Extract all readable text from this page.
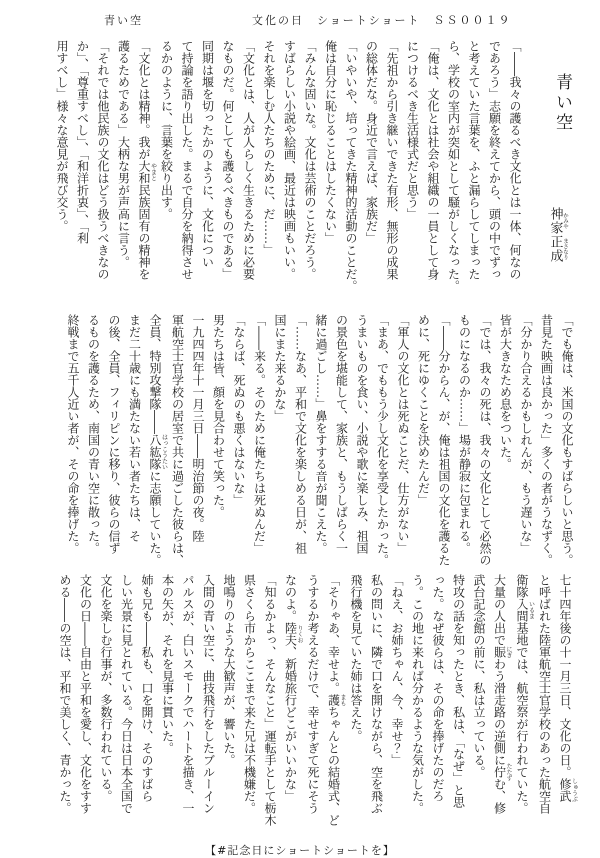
青い空	文化の日　ショートショート　ＳＳ００１９
青い空
神家 かみや正成 まさなり
「――我々の護るべき文化とは一体、何なの
であろう」志願を終えてから、頭の中でずっ
と考えていた言葉を、ふと漏らしてしまった
ら、学校の室内が突如として騒がしくなった。
「俺は、文化とは社会や組織の一員として身
につけるべき生活様式だと思う」
「先祖から引き継いできた有形、無形の成果
の総体だな。身近で言えば、家族だ」
「いやいや、培ってきた精神的活動のことだ。
俺は自分に恥じることはしたくない」
「みんな固いな。文化は芸術のことだろう。
すばらしい小説や絵画、最近は映画もいい。
それを楽しむ人たちのために、だ……」
「文化とは、人が人らしく生きるために必要
なものだ。何としても護るべきものである」
同期は堰を切ったかのように、文化につい
て持論を語り出した。まるで自分を納得させ
るかのように、言葉を絞り出す。
「文化とは精神。我が大和やまと民族固有の精神を
護るためである」大柄な男が声高に言う。
「それでは他民族の文化はどう扱うべきなの
か」、「尊重すべし」、「和洋折衷」、「利
用すべし」様々な意見が飛び交う。
「でも俺は、米国の文化もすばらしいと思う。
昔見た映画は良かった」多くの者がうなずく。
「分かり合えるかもしれんが、もう遅いな」
皆が大きなため息をついた。
「では、我々の死は、我々の文化として必然の
ものになるのか……」場が静寂に包まれる。
「――分からん、が、俺は祖国の文化を護るた
めに、死にゆくことを決めたんだ」
「軍人の文化とは死ぬことだ、仕方がない」
「まあ、でももう少し文化を享受したかった。
うまいものを食い、小説や歌に楽しみ、祖国
の景色を堪能して、家族と、もうしばらく一
緒に過ごし……」鼻をすする音が聞こえた。
「……なあ、平和で文化を楽しめる日が、祖
国にまた来るかな」
「――来る。そのために俺たちは死ぬんだ」
「ならば、死ぬのも悪くはないな」
男たちは皆、顔を見合わせて笑った。
一九四四年十一月三日――明治節の夜。陸
軍航空士官学校の居室で共に過ごした彼らは、
全員、特別攻撃隊――八紘隊はっこうたいに志願していた。
まだ二十歳にも満たない若い者たちは、そ
の後、全員、フィリピンに移り、彼らの信ず
るものを護るため、南国の青い空に散った。
終戦まで五千人近い者が、その命を捧げた。
七十四年後の十一月三日、文化の日。修武しゅうぶ
と呼ばれた陸軍航空士官学校のあった航空自
衛隊入間いるま基地では、航空祭が行われていた。
大量の人出で賑にぎわう滑走路の逆側に佇たたずむ、修
武台記念館の前に、私は立っている。
特攻の話を知ったとき、私は、「なぜ」と思
った。なぜ彼らは、その命を捧げたのだろ
う。この地に来れば分かるような気がした。
「ねえ、お姉ちゃん、今、幸せ？」
私の問いに、隣で口を開けながら、空を飛ぶ
飛行機を見ていた姉は答えた。
「そりゃあ、幸せよ。護まもちゃんとの結婚式、ど
うするか考えるだけで、幸せすぎて死にそう
なのよ。陸夫りくお、新婚旅行どこがいいかな」
「知るかよっ、そんなこと」運転手として栃木
県さくら市からここまで来た兄は不機嫌だ。
地鳴りのような大歓声が、響いた。
入間の青い空に、曲技飛行をしたブルーイン
パルスが、白いスモークでハートを描き、一
本の矢が、それを見事に貫いた。
姉も兄も――私も、口を開け、そのすばら
しい光景に見とれている。今日は日本全国で
文化を楽しむ行事が、多数行われている。
文化の日――自由と平和を愛し、文化をすす
める――の空は、平和で美しく、青かった。
【#記念日にショートショートを】
